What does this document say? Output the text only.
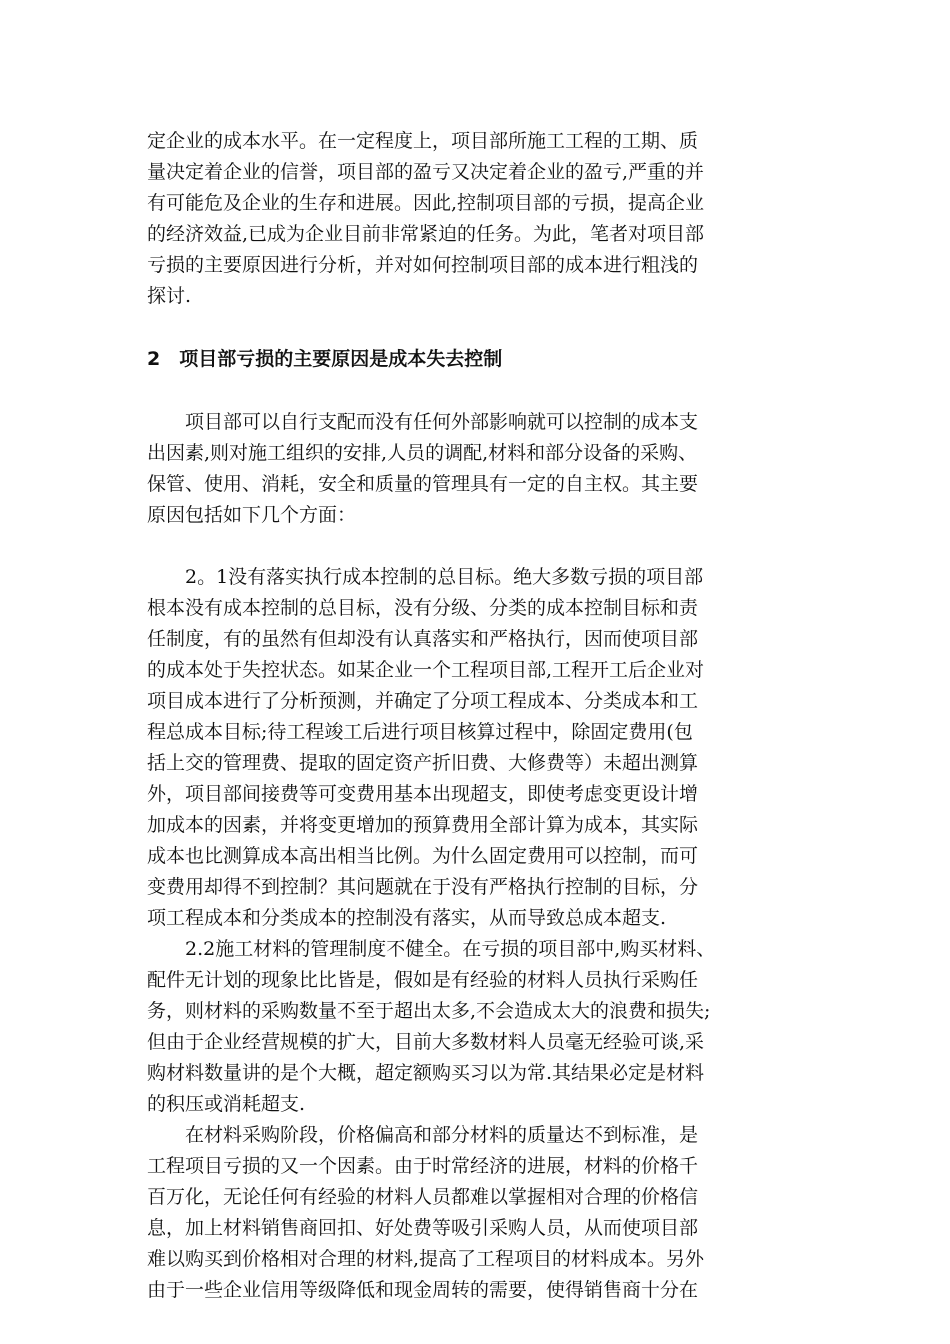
定企业的成本水平。在一定程度上，项目部所施工工程的工期、质

量决定着企业的信誉，项目部的盈亏又决定着企业的盈亏,严重的并

有可能危及企业的生存和进展。因此,控制项目部的亏损，提高企业

的经济效益,已成为企业目前非常紧迫的任务。为此，笔者对项目部

亏损的主要原因进行分析，并对如何控制项目部的成本进行粗浅的

探讨.

2　项目部亏损的主要原因是成本失去控制

　　项目部可以自行支配而没有任何外部影响就可以控制的成本支

出因素,则对施工组织的安排,人员的调配,材料和部分设备的采购、

保管、使用、消耗，安全和质量的管理具有一定的自主权。其主要

原因包括如下几个方面：

　　2。1没有落实执行成本控制的总目标。绝大多数亏损的项目部

根本没有成本控制的总目标，没有分级、分类的成本控制目标和责

任制度，有的虽然有但却没有认真落实和严格执行，因而使项目部

的成本处于失控状态。如某企业一个工程项目部,工程开工后企业对

项目成本进行了分析预测，并确定了分项工程成本、分类成本和工

程总成本目标;待工程竣工后进行项目核算过程中，除固定费用(包

括上交的管理费、提取的固定资产折旧费、大修费等）未超出测算

外，项目部间接费等可变费用基本出现超支，即使考虑变更设计增

加成本的因素，并将变更增加的预算费用全部计算为成本，其实际

成本也比测算成本高出相当比例。为什么固定费用可以控制，而可

变费用却得不到控制？其问题就在于没有严格执行控制的目标，分

项工程成本和分类成本的控制没有落实，从而导致总成本超支.

　　2.2施工材料的管理制度不健全。在亏损的项目部中,购买材料、

配件无计划的现象比比皆是，假如是有经验的材料人员执行采购任

务，则材料的采购数量不至于超出太多,不会造成太大的浪费和损失;

但由于企业经营规模的扩大，目前大多数材料人员毫无经验可谈,采

购材料数量讲的是个大概，超定额购买习以为常.其结果必定是材料

的积压或消耗超支.

　　在材料采购阶段，价格偏高和部分材料的质量达不到标准，是

工程项目亏损的又一个因素。由于时常经济的进展，材料的价格千

百万化，无论任何有经验的材料人员都难以掌握相对合理的价格信

息，加上材料销售商回扣、好处费等吸引采购人员，从而使项目部

难以购买到价格相对合理的材料,提高了工程项目的材料成本。另外

由于一些企业信用等级降低和现金周转的需要，使得销售商十分在
